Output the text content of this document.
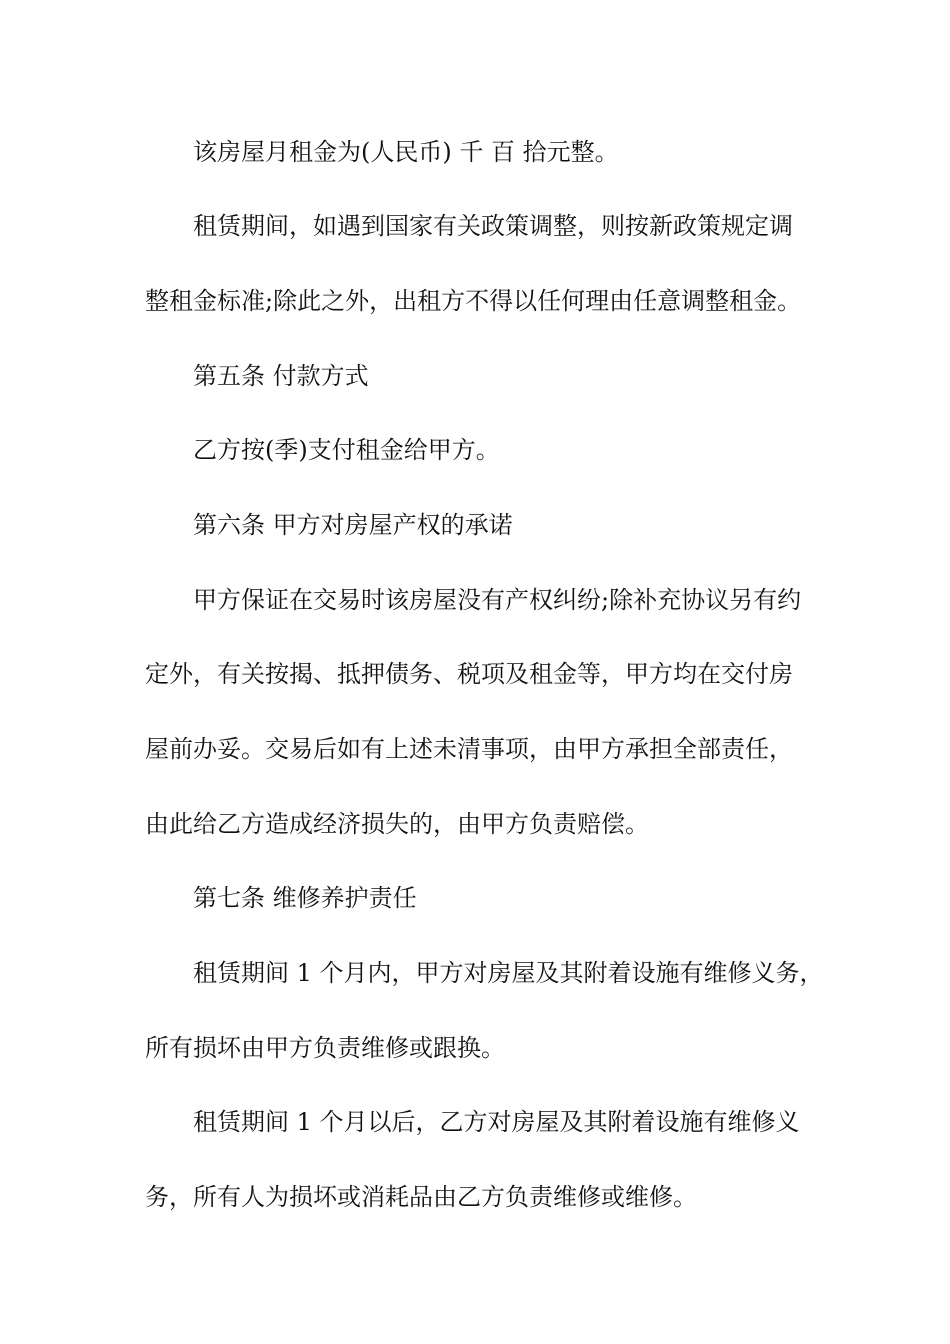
该房屋月租金为(人民币) 千 百 拾元整。
租赁期间，如遇到国家有关政策调整，则按新政策规定调
整租金标准;除此之外，出租方不得以任何理由任意调整租金。
第五条 付款方式
乙方按(季)支付租金给甲方。
第六条 甲方对房屋产权的承诺
甲方保证在交易时该房屋没有产权纠纷;除补充协议另有约
定外，有关按揭、抵押债务、税项及租金等，甲方均在交付房
屋前办妥。交易后如有上述未清事项，由甲方承担全部责任，
由此给乙方造成经济损失的，由甲方负责赔偿。
第七条 维修养护责任
租赁期间 1 个月内，甲方对房屋及其附着设施有维修义务，
所有损坏由甲方负责维修或跟换。
租赁期间 1 个月以后，乙方对房屋及其附着设施有维修义
务，所有人为损坏或消耗品由乙方负责维修或维修。
